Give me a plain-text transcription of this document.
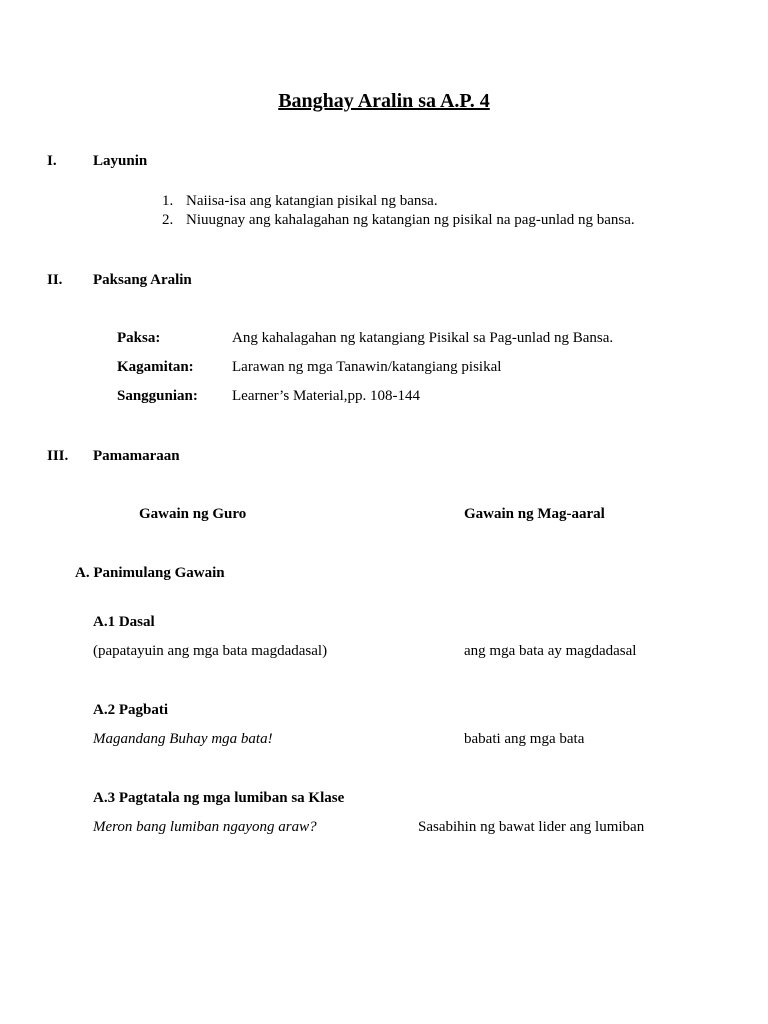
Banghay Aralin sa A.P. 4
I. Layunin
1. Naiisa-isa ang katangian pisikal ng bansa.
2. Niuugnay ang kahalagahan ng katangian ng pisikal na pag-unlad ng bansa.
II. Paksang Aralin
Paksa:	Ang kahalagahan ng katangiang Pisikal sa Pag-unlad ng Bansa.
Kagamitan:	Larawan ng mga Tanawin/katangiang pisikal
Sanggunian: Learner’s Material,pp. 108-144
III. Pamamaraan
Gawain ng Guro	Gawain ng Mag-aaral
A. Panimulang Gawain
A.1 Dasal
(papatayuin ang mga bata magdadasal)	ang mga bata ay magdadasal
A.2 Pagbati
Magandang Buhay mga bata!	babati ang mga bata
A.3 Pagtatala ng mga lumiban sa Klase
Meron bang lumiban ngayong araw?	Sasabihin ng bawat lider ang lumiban
